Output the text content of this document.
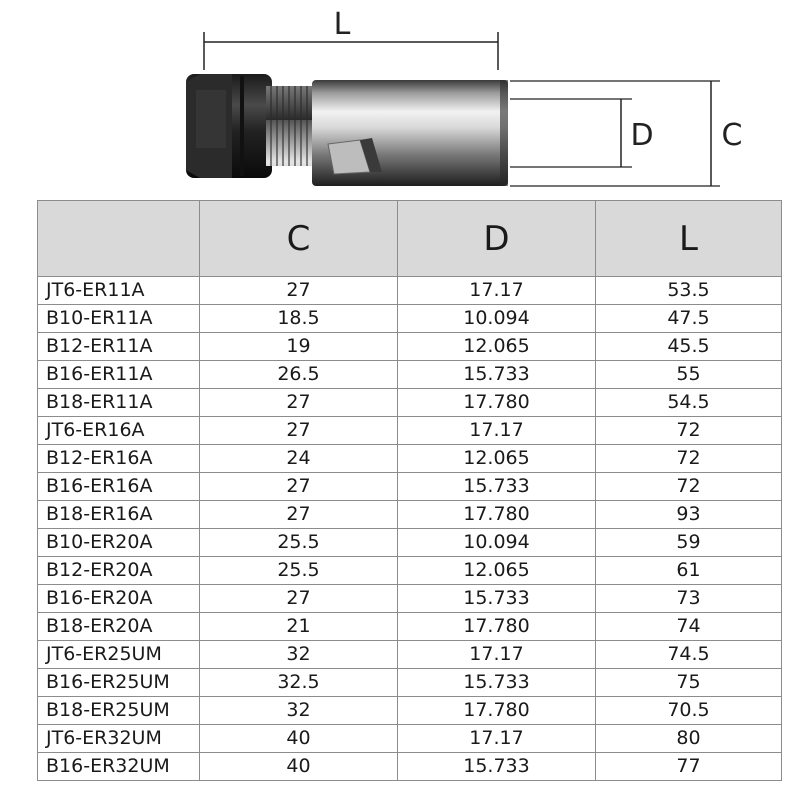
L
D C
	C	D	L
JT6-ER11A	27	17.17	53.5
B10-ER11A	18.5	10.094	47.5
B12-ER11A	19	12.065	45.5
B16-ER11A	26.5	15.733	55
B18-ER11A	27	17.780	54.5
JT6-ER16A	27	17.17	72
B12-ER16A	24	12.065	72
B16-ER16A	27	15.733	72
B18-ER16A	27	17.780	93
B10-ER20A	25.5	10.094	59
B12-ER20A	25.5	12.065	61
B16-ER20A	27	15.733	73
B18-ER20A	21	17.780	74
JT6-ER25UM	32	17.17	74.5
B16-ER25UM	32.5	15.733	75
B18-ER25UM	32	17.780	70.5
JT6-ER32UM	40	17.17	80
B16-ER32UM	40	15.733	77
